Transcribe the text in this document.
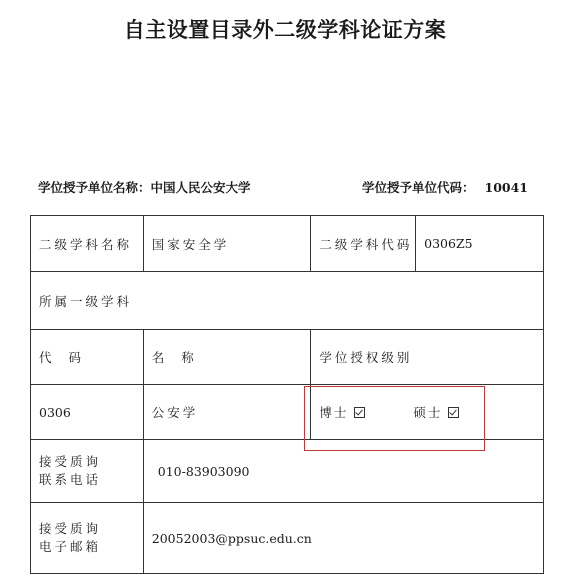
自主设置目录外二级学科论证方案
学位授予单位名称：中国人民公安大学	学位授予单位代码： 10041
二级学科名称	国家安全学	二级学科代码	0306Z5
所属一级学科			
代  码	名  称	学位授权级别	
0306	公安学	博士 硕士	

接受质询
联系电话	010-83903090		

接受质询
电子邮箱	20052003@ppsuc.edu.cn		
